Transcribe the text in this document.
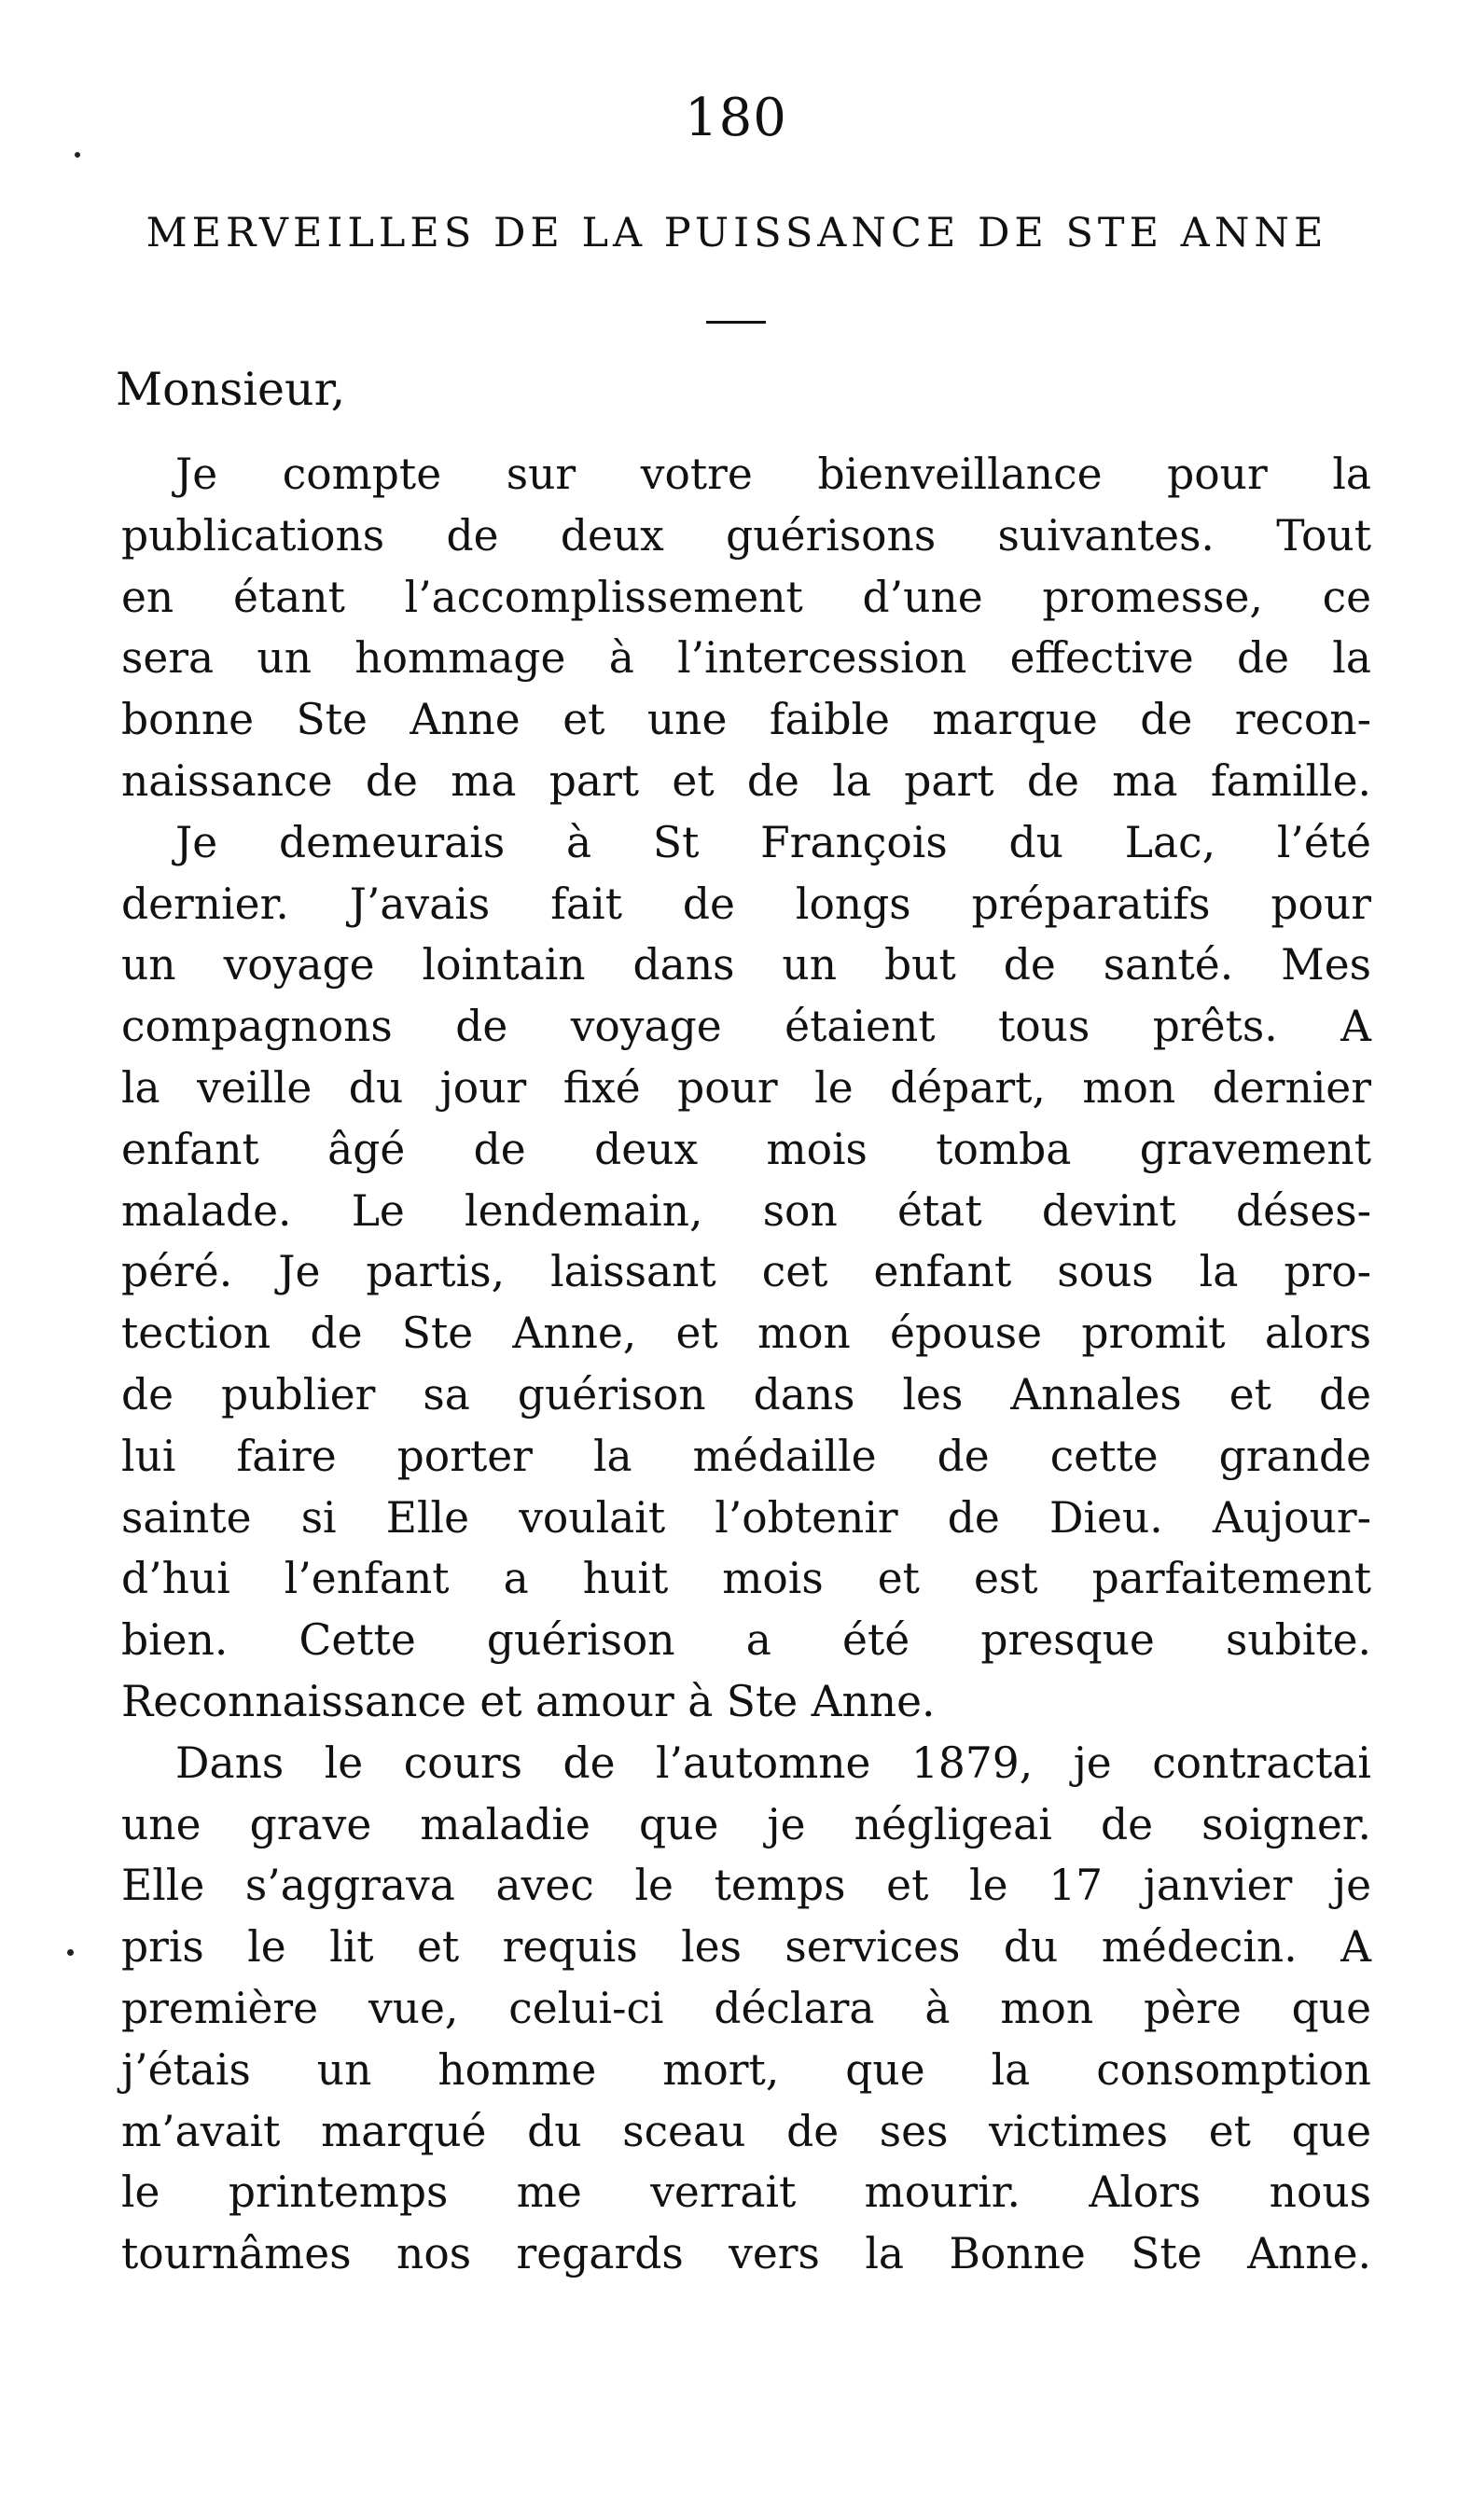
180
MERVEILLES DE LA PUISSANCE DE STE ANNE
Monsieur,
Je compte sur votre bienveillance pour la
publications de deux guérisons suivantes. Tout
en étant l’accomplissement d’une promesse, ce
sera un hommage à l’intercession effective de la
bonne Ste Anne et une faible marque de recon-
naissance de ma part et de la part de ma famille.
Je demeurais à St François du Lac, l’été
dernier. J’avais fait de longs préparatifs pour
un voyage lointain dans un but de santé. Mes
compagnons de voyage étaient tous prêts. A
la veille du jour fixé pour le départ, mon dernier
enfant âgé de deux mois tomba gravement
malade. Le lendemain, son état devint déses-
péré. Je partis, laissant cet enfant sous la pro-
tection de Ste Anne, et mon épouse promit alors
de publier sa guérison dans les Annales et de
lui faire porter la médaille de cette grande
sainte si Elle voulait l’obtenir de Dieu. Aujour-
d’hui l’enfant a huit mois et est parfaitement
bien. Cette guérison a été presque subite.
Reconnaissance et amour à Ste Anne.
Dans le cours de l’automne 1879, je contractai
une grave maladie que je négligeai de soigner.
Elle s’aggrava avec le temps et le 17 janvier je
pris le lit et requis les services du médecin. A
première vue, celui-ci déclara à mon père que
j’étais un homme mort, que la consomption
m’avait marqué du sceau de ses victimes et que
le printemps me verrait mourir. Alors nous
tournâmes nos regards vers la Bonne Ste Anne.
